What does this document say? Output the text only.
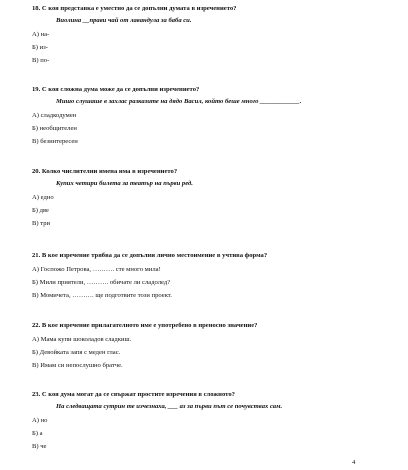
18. С коя представка е уместно да се допълни думата в изречението?

Виолина __прави чай от лавандула за баба си.

А) на-
Б) из-
В) по-

19. С коя сложна дума може да се допълни изречението?

Мишо слушаше в захлас разказите на дядо Васил, който беше много ____________.

А) сладкодумен
Б) необщителен
В) безинтересен

20. Колко числителни имена има в изречението?

Купих четири билета за театър на първи ред.

А) едно
Б) две
В) три

21. В кое изречение трябва да се допълни лично местоимение в учтива форма?

А) Госпожо Петрова, ………. сте много мила!
Б) Мили приятели, ………. обичате ли сладолед?
В) Момичета, ………. ще подготвите този проект.

22. В кое изречение прилагателното име е употребено в преносно значение?

А) Мама купи шоколадов сладкиш.
Б) Девойката запя с меден глас.
В) Имам си непослушно братче.

23. С коя дума могат да се свържат простите изречения в сложното?

На следващата сутрин те изчезнаха, ___ аз за първи път се почувствах сам.

А) но
Б) а
В) че
4
